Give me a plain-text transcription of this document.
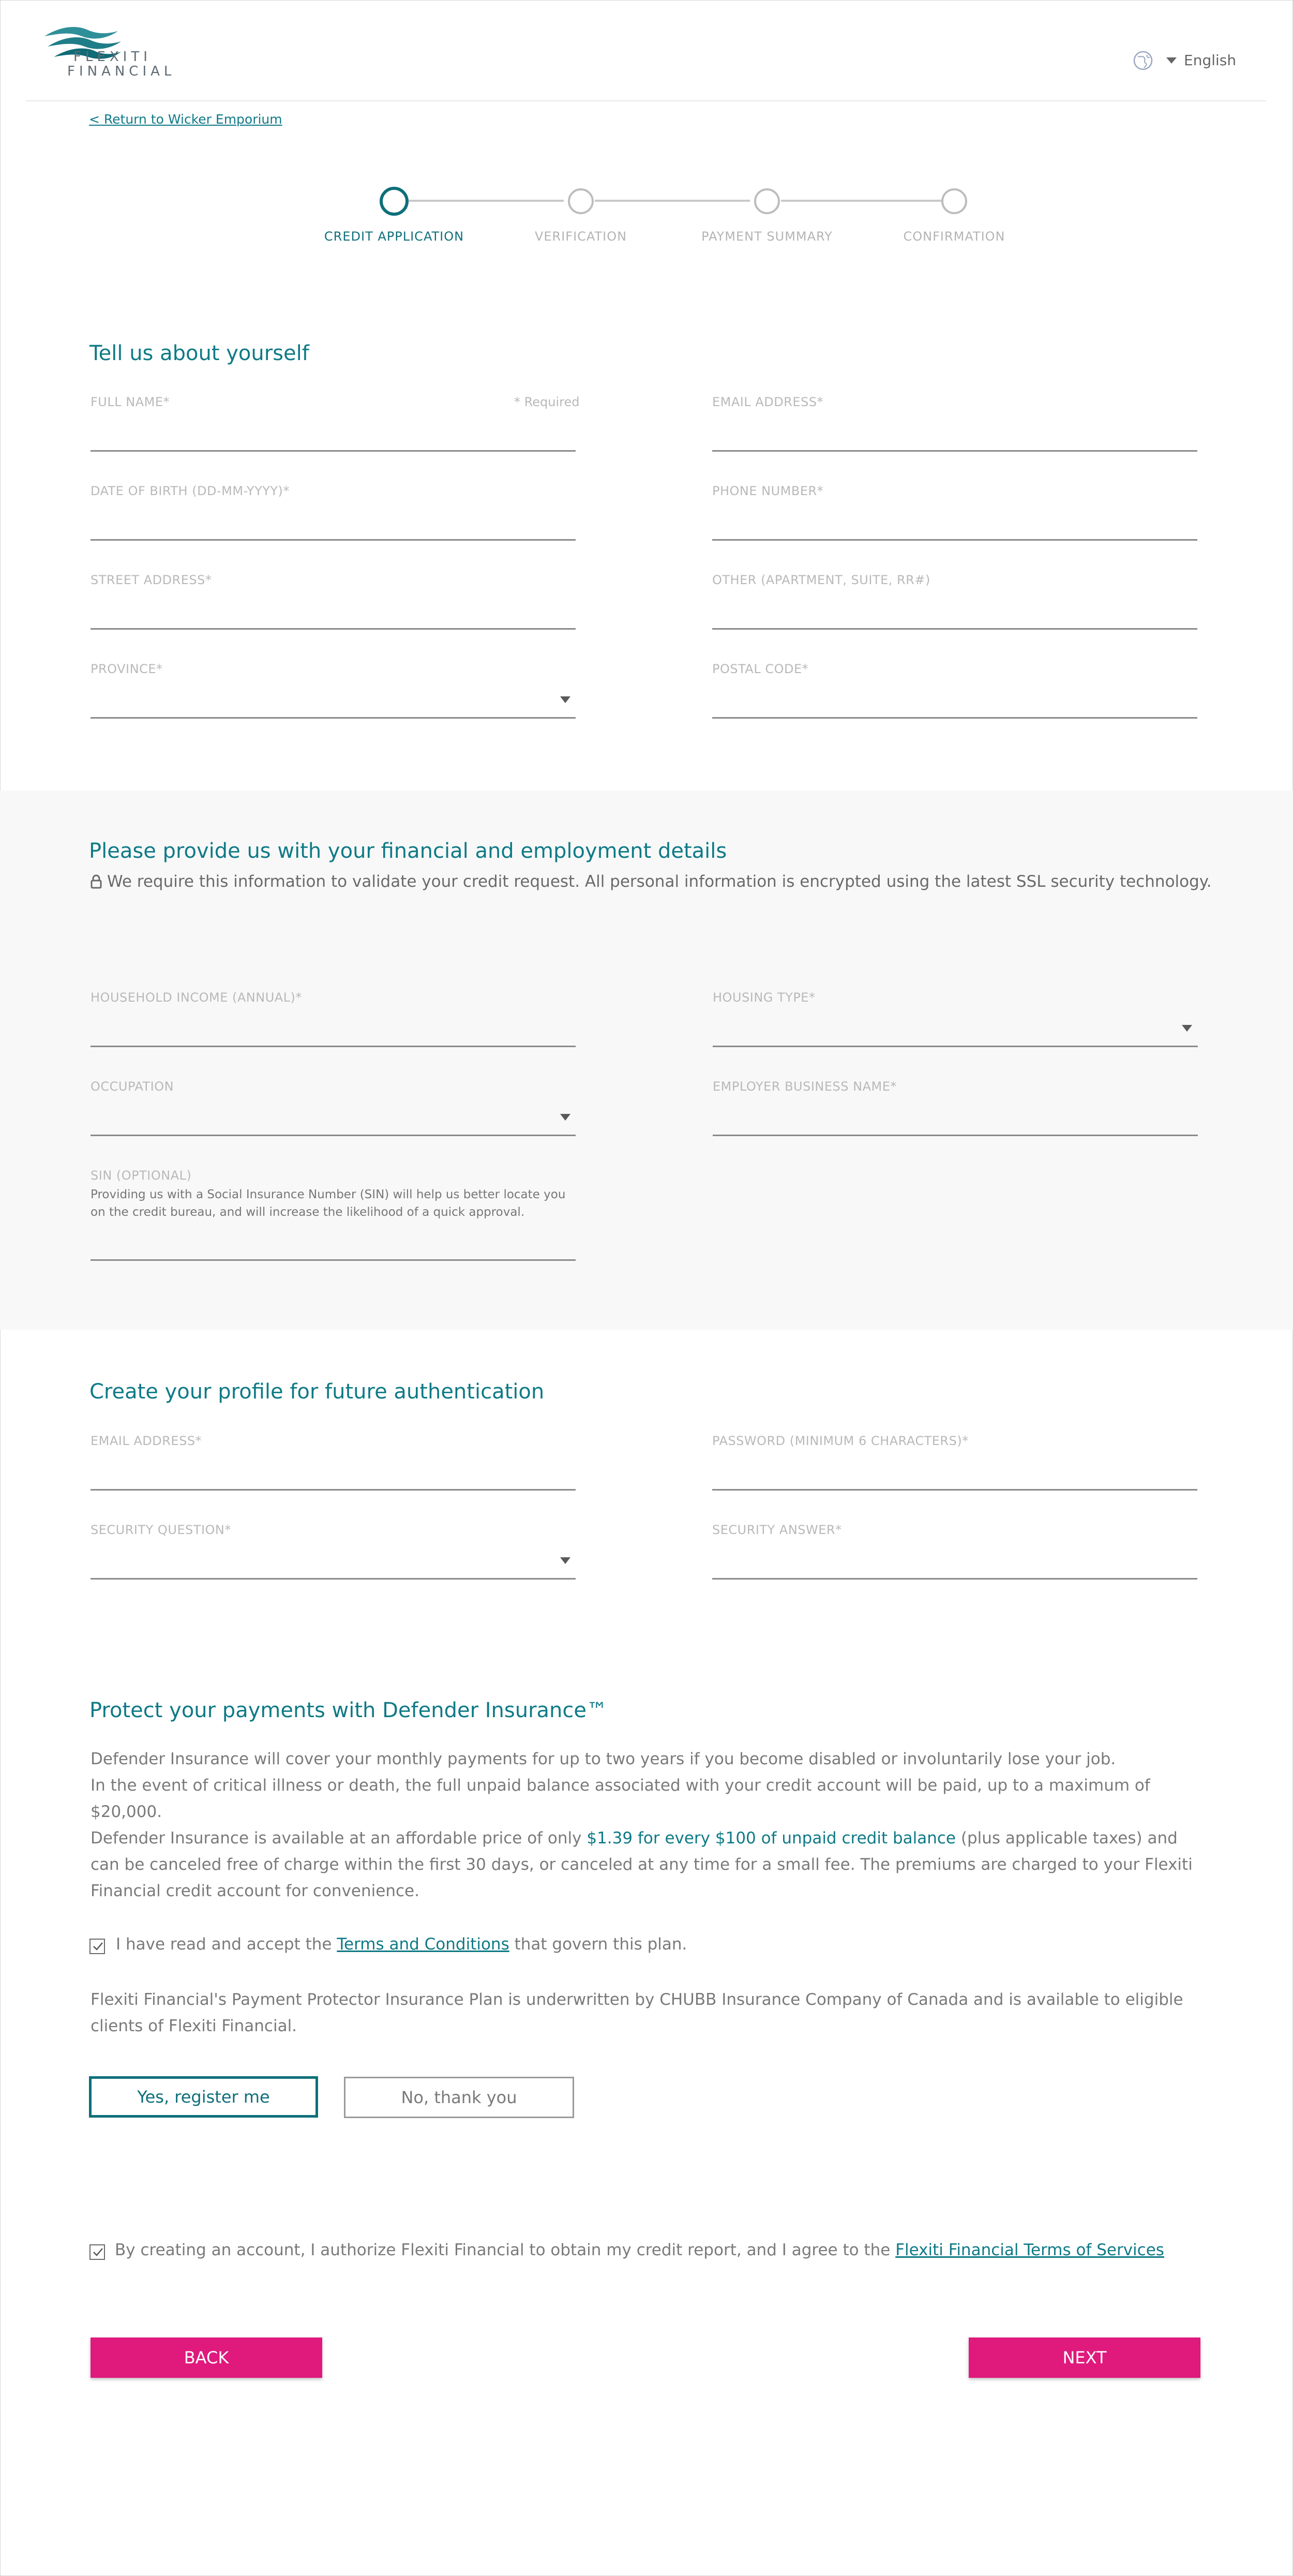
FLEXITI
FINANCIAL
English
< Return to Wicker Emporium
CREDIT APPLICATION	VERIFICATION	PAYMENT SUMMARY	CONFIRMATION
Tell us about yourself
FULL NAME*	* Required	EMAIL ADDRESS*
DATE OF BIRTH (DD-MM-YYYY)*	PHONE NUMBER*
STREET ADDRESS*	OTHER (APARTMENT, SUITE, RR#)
PROVINCE*	POSTAL CODE*
Please provide us with your financial and employment details
We require this information to validate your credit request. All personal information is encrypted using the latest SSL security technology.
HOUSEHOLD INCOME (ANNUAL)*	HOUSING TYPE*
OCCUPATION	EMPLOYER BUSINESS NAME*
SIN (OPTIONAL)
Providing us with a Social Insurance Number (SIN) will help us better locate you on the credit bureau, and will increase the likelihood of a quick approval.
Create your profile for future authentication
EMAIL ADDRESS*	PASSWORD (MINIMUM 6 CHARACTERS)*
SECURITY QUESTION*	SECURITY ANSWER*
Protect your payments with Defender Insurance™
Defender Insurance will cover your monthly payments for up to two years if you become disabled or involuntarily lose your job.
In the event of critical illness or death, the full unpaid balance associated with your credit account will be paid, up to a maximum of $20,000.
Defender Insurance is available at an affordable price of only $1.39 for every $100 of unpaid credit balance (plus applicable taxes) and can be canceled free of charge within the first 30 days, or canceled at any time for a small fee. The premiums are charged to your Flexiti Financial credit account for convenience.
I have read and accept the Terms and Conditions that govern this plan.
Flexiti Financial's Payment Protector Insurance Plan is underwritten by CHUBB Insurance Company of Canada and is available to eligible clients of Flexiti Financial.
Yes, register me	No, thank you
By creating an account, I authorize Flexiti Financial to obtain my credit report, and I agree to the Flexiti Financial Terms of Services
BACK	NEXT
